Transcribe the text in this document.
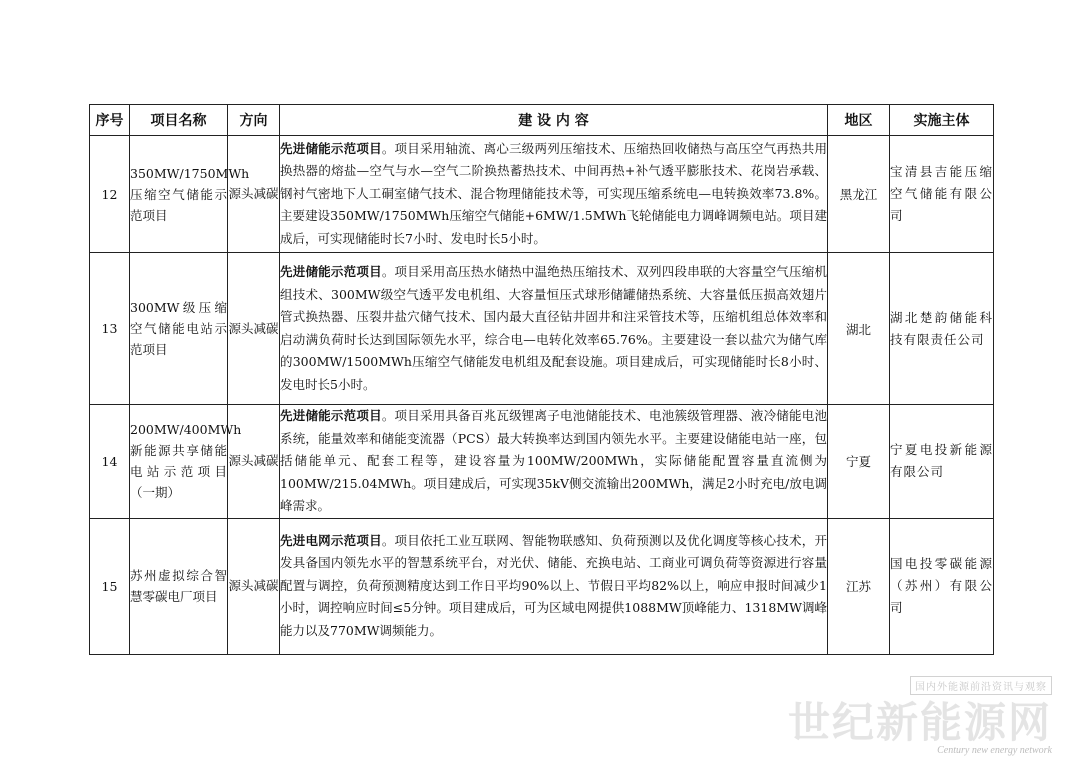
序号	项目名称	方向	建 设 内 容	地区	实施主体
12	350MW/1750MWh压缩空气储能示范项目	源头减碳	先进储能示范项目。项目采用轴流、离心三级两列压缩技术、压缩热回收储热与高压空气再热共用换热器的熔盐—空气与水—空气二阶换热蓄热技术、中间再热+补气透平膨胀技术、花岗岩承载、钢衬气密地下人工硐室储气技术、混合物理储能技术等，可实现压缩系统电—电转换效率73.8%。主要建设350MW/1750MWh压缩空气储能+6MW/1.5MWh飞轮储能电力调峰调频电站。项目建成后，可实现储能时长7小时、发电时长5小时。	黑龙江	宝清县吉能压缩空气储能有限公司
13	300MW级压缩空气储能电站示范项目	源头减碳	先进储能示范项目。项目采用高压热水储热中温绝热压缩技术、双列四段串联的大容量空气压缩机组技术、300MW级空气透平发电机组、大容量恒压式球形储罐储热系统、大容量低压损高效翅片管式换热器、压裂井盐穴储气技术、国内最大直径钻井固井和注采管技术等，压缩机组总体效率和启动满负荷时长达到国际领先水平，综合电—电转化效率65.76%。主要建设一套以盐穴为储气库的300MW/1500MWh压缩空气储能发电机组及配套设施。项目建成后，可实现储能时长8小时、发电时长5小时。	湖北	湖北楚韵储能科技有限责任公司
14	200MW/400MWh新能源共享储能电站示范项目（一期）	源头减碳	先进储能示范项目。项目采用具备百兆瓦级锂离子电池储能技术、电池簇级管理器、液冷储能电池系统，能量效率和储能变流器（PCS）最大转换率达到国内领先水平。主要建设储能电站一座，包括储能单元、配套工程等，建设容量为100MW/200MWh，实际储能配置容量直流侧为100MW/215.04MWh。项目建成后，可实现35kV侧交流输出200MWh，满足2小时充电/放电调峰需求。	宁夏	宁夏电投新能源有限公司
15	苏州虚拟综合智慧零碳电厂项目	源头减碳	先进电网示范项目。项目依托工业互联网、智能物联感知、负荷预测以及优化调度等核心技术，开发具备国内领先水平的智慧系统平台，对光伏、储能、充换电站、工商业可调负荷等资源进行容量配置与调控，负荷预测精度达到工作日平均90%以上、节假日平均82%以上，响应申报时间减少1小时，调控响应时间≤5分钟。项目建成后，可为区域电网提供1088MW顶峰能力、1318MW调峰能力以及770MW调频能力。	江苏	国电投零碳能源（苏州）有限公司
国内外能源前沿资讯与观察
世纪新能源网
Century new energy network
